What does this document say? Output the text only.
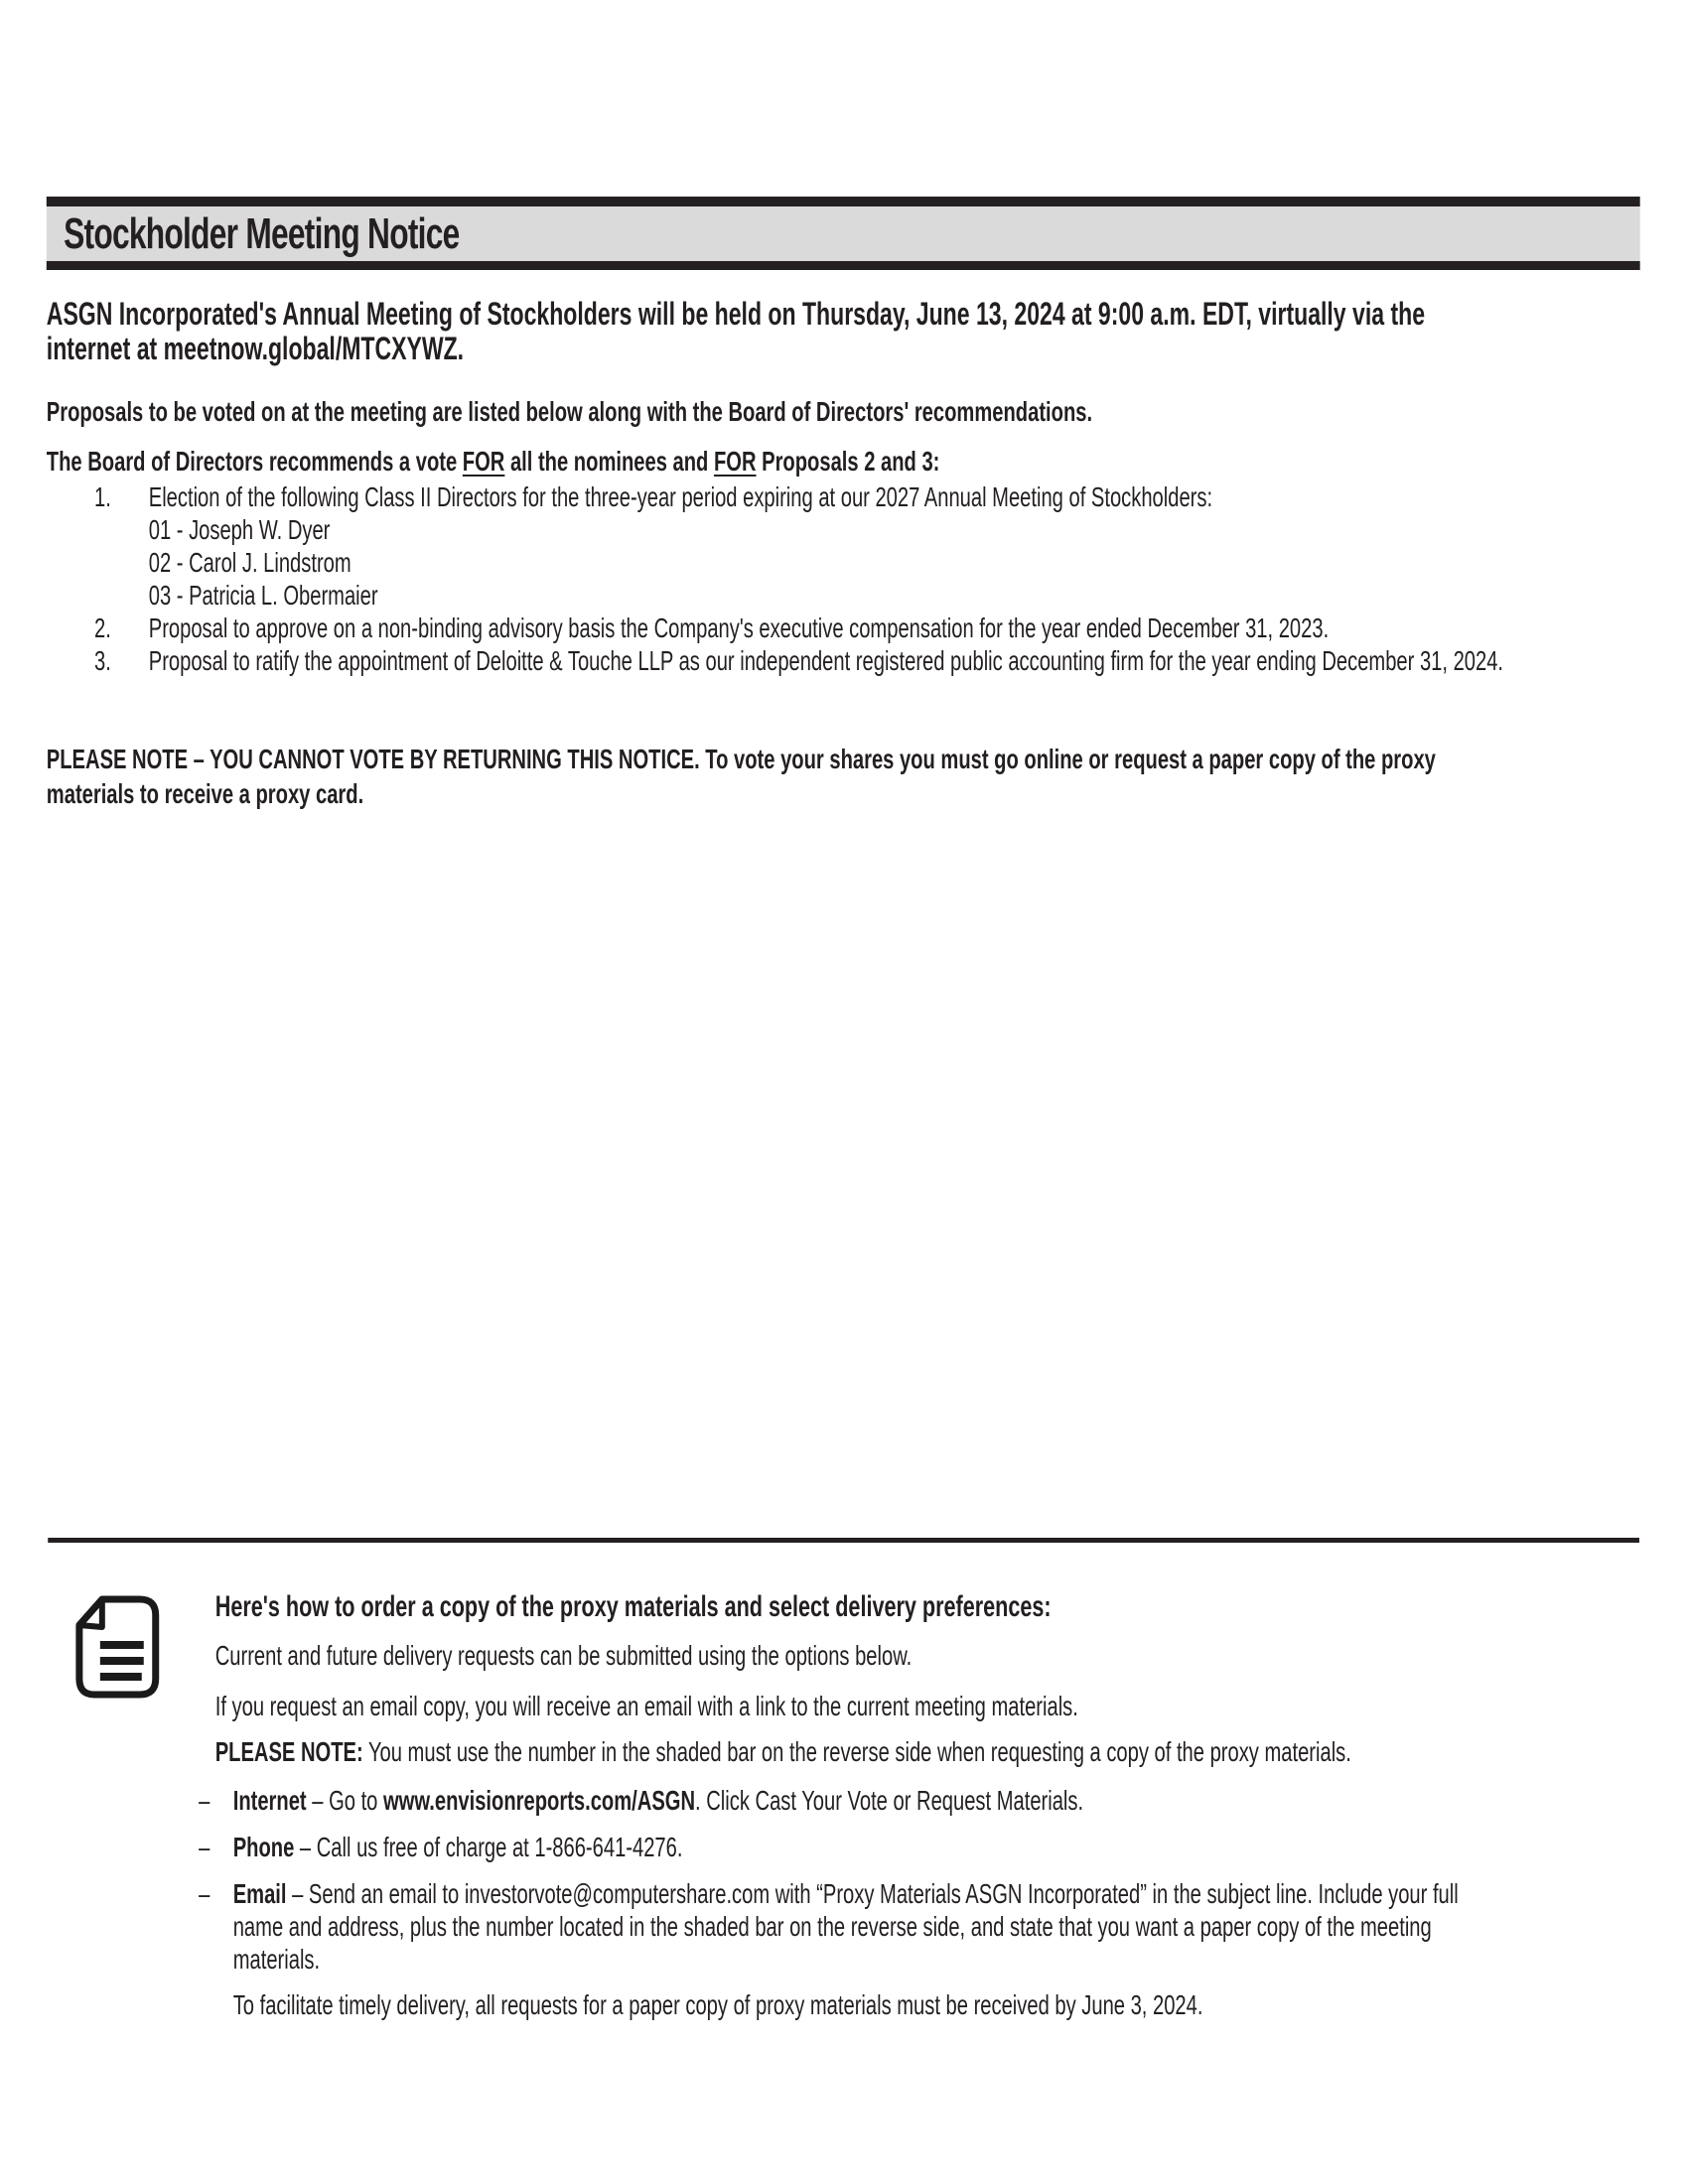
Stockholder Meeting Notice

ASGN Incorporated's Annual Meeting of Stockholders will be held on Thursday, June 13, 2024 at 9:00 a.m. EDT, virtually via the internet at meetnow.global/MTCXYWZ.

Proposals to be voted on at the meeting are listed below along with the Board of Directors' recommendations.

The Board of Directors recommends a vote FOR all the nominees and FOR Proposals 2 and 3:

1. Election of the following Class II Directors for the three-year period expiring at our 2027 Annual Meeting of Stockholders:
01 - Joseph W. Dyer
02 - Carol J. Lindstrom
03 - Patricia L. Obermaier
2. Proposal to approve on a non-binding advisory basis the Company's executive compensation for the year ended December 31, 2023.
3. Proposal to ratify the appointment of Deloitte & Touche LLP as our independent registered public accounting firm for the year ending December 31, 2024.

PLEASE NOTE – YOU CANNOT VOTE BY RETURNING THIS NOTICE. To vote your shares you must go online or request a paper copy of the proxy materials to receive a proxy card.

Here's how to order a copy of the proxy materials and select delivery preferences:

Current and future delivery requests can be submitted using the options below.

If you request an email copy, you will receive an email with a link to the current meeting materials.

PLEASE NOTE: You must use the number in the shaded bar on the reverse side when requesting a copy of the proxy materials.

– Internet – Go to www.envisionreports.com/ASGN. Click Cast Your Vote or Request Materials.
– Phone – Call us free of charge at 1-866-641-4276.
– Email – Send an email to investorvote@computershare.com with “Proxy Materials ASGN Incorporated” in the subject line. Include your full name and address, plus the number located in the shaded bar on the reverse side, and state that you want a paper copy of the meeting materials.

To facilitate timely delivery, all requests for a paper copy of proxy materials must be received by June 3, 2024.
